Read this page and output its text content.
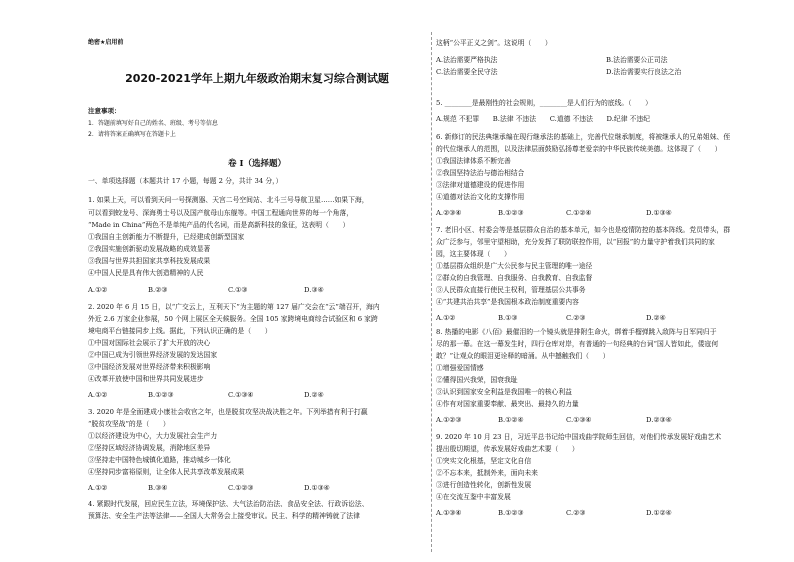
绝密★启用前
2020-2021学年上期九年级政治期末复习综合测试题
注意事项：
1．答题前填写好自己的姓名、班级、考号等信息
2．请将答案正确填写在答题卡上
卷 I（选择题）
一、单项选择题（本题共计 17 小题，每题 2 分，共计 34 分，）
1. 如果上天，可以看到天问一号探测器、天宫二号空间站、北斗三号导航卫星……如果下海，
可以看到蛟龙号、深海勇士号以及国产航母山东舰等。中国工程通向世界的每一个角落，
“Made in China”两色不是单纯产品的代名词，而是高新科技的象征，这表明（　　）
①我国自主创新能力不断提升，已经建成创新型国家
②我国实施创新驱动发展战略的成效显著
③我国与世界共担国家共享科技发展成果
④中国人民是具有伟大创造精神的人民
A.①②	B.②③	C.①③	D.③④
2. 2020 年 6 月 15 日，以“广交云上，互利天下”为主题的第 127 届广交会在“云”端召开，海内
外近 2.6 万家企业参展，50 个网上展区全天候服务。全国 105 家跨境电商综合试验区和 6 家跨
境电商平台链接同步上线。据此，下列认识正确的是（　　）
①中国对国际社会展示了扩大开放的决心
②中国已成为引领世界经济发展的发达国家
③中国经济发展对世界经济带来积极影响
④改革开放使中国和世界共同发展进步
A.①②	B.①②③	C.①③④	D.②④
3. 2020 年是全面建成小康社会收官之年，也是脱贫攻坚决战决胜之年。下列举措有利于打赢
“脱贫攻坚战”的是（　　）
①以经济建设为中心，大力发展社会生产力
②坚持区域经济协调发展，消除地区差异
③坚持走中国特色城镇化道路，推动城乡一体化
④坚持同步富裕原则，让全体人民共享改革发展成果
A.①②	B.③④	C.①②③	D.①③④
4. 紧跟时代发展，回应民生立法，环境保护法、大气法治防治法、食品安全法、行政诉讼法、
预算法、安全生产法等法律——全国人大常务会上接受审议。民主、科学的精神铸就了法律
这柄“公平正义之剑”。这说明（　　）
A.法治需要严格执法	B.法治需要公正司法
C.法治需要全民守法	D.法治需要实行良法之治
5. ________是最刚性的社会规则，________是人们行为的底线。（　　）
A.规范 不犯罪　　B.法律 不违法　　C.道德 不违法　　D.纪律 不违纪
6. 新修订的民法典继承编在现行继承法的基础上，完善代位继承制度，将被继承人的兄弟姐妹、侄
的代位继承人的范围，以及法律层面鼓励弘扬尊老爱亲的中华民族传统美德。这体现了（　　）
①我国法律体系不断完善
②我国坚持法治与德治相结合
③法律对道德建设的促进作用
④道德对法治文化的支撑作用
A.②③④	B.①②③	C.①②④	D.①③④
7. 老旧小区、村委会等是基层群众自治的基本单元，如今也是疫情防控的基本阵线。党员带头，群
众广泛参与，邻里守望相助，充分发挥了联防联控作用，以“回报”的力量守护着我们共同的家
园，这主要体现（　　）
①基层群众组织是广大公民参与民主管理的唯一途径
②群众的自我管理、自我服务、自我教育、自我监督
③人民群众直接行使民主权利，管理基层公共事务
④“共建共治共享”是我国根本政治制度重要内容
A.①②	B.①③	C.②③	D.②④
8. 热播的电影《八佰》最催泪的一个镜头就是排附生命火，绑着手榴弹跳入敌阵与日军同归于
尽的那一幕。在这一幕发生时，四行仓库对岸，有普通的一句经典的台词“国人皆如此，倭寇何
敢？”让观众的眼泪更诠释的暗涌。从中撼触我们（　　）
①增强爱国情感
②懂得国兴我荣，国衰我耻
③认识到国家安全利益是我国唯一的核心利益
④作有对国家重要奉献、最突出、最持久的力量
A.①②③	B.①②④	C.①③④	D.②③④
9. 2020 年 10 月 23 日，习近平总书记给中国戏曲学院师生回信，对他们传承发展好戏曲艺术
提出殷切期望，传承发展好戏曲艺术要（　　）
①突实文化根基，坚定文化自信
②不忘本来，抵制外来，面向未来
③进行创造性转化，创新性发展
④在交流互鉴中丰富发展
A.①③④	B.①②③	C.②③	D.①②④
